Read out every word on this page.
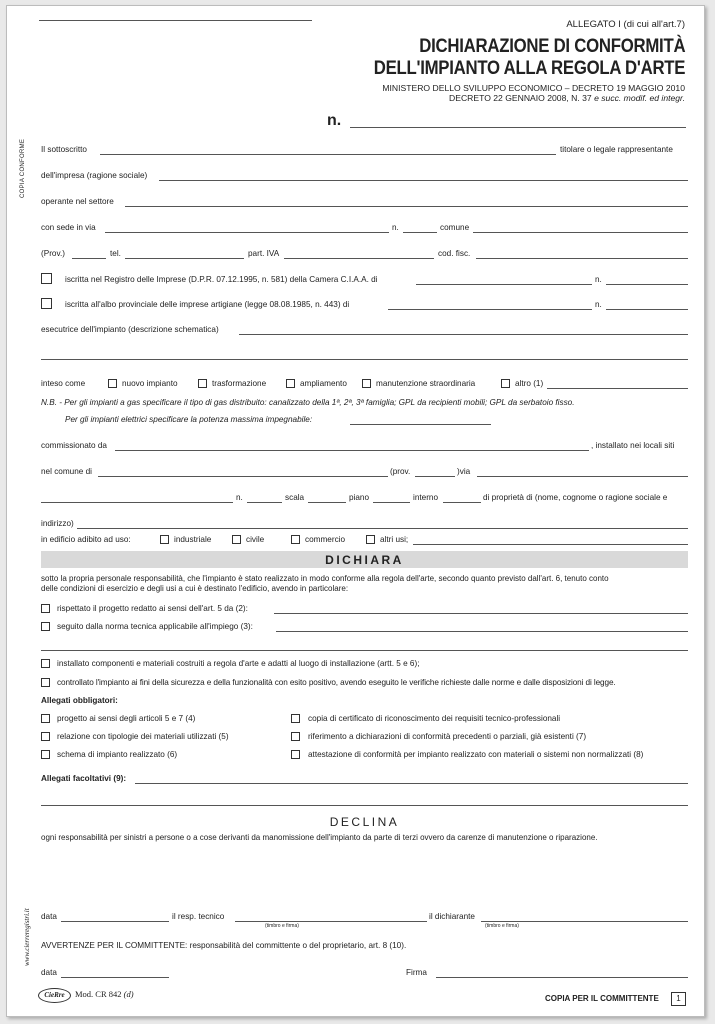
ALLEGATO I (di cui all'art.7)
DICHIARAZIONE DI CONFORMITÀ
DELL'IMPIANTO ALLA REGOLA D'ARTE
MINISTERO DELLO SVILUPPO ECONOMICO – DECRETO 19 MAGGIO 2010
DECRETO 22 GENNAIO 2008, N. 37 e succ. modif. ed integr.
n.
COPIA CONFORME Il sottoscritto	titolare o legale rappresentante
dell'impresa (ragione sociale)
operante nel settore
con sede in via	n.	comune
(Prov.)	tel.	part. IVA	cod. fisc.
iscritta nel Registro delle Imprese (D.P.R. 07.12.1995, n. 581) della Camera C.I.A.A. di	n.
iscritta all'albo provinciale delle imprese artigiane (legge 08.08.1985, n. 443) di	n.
esecutrice dell'impianto (descrizione schematica)
inteso come	nuovo impianto	trasformazione	ampliamento	manutenzione straordinaria	altro (1)
N.B. - Per gli impianti a gas specificare il tipo di gas distribuito: canalizzato della 1ª, 2ª, 3ª famiglia; GPL da recipienti mobili; GPL da serbatoio fisso.
Per gli impianti elettrici specificare la potenza massima impegnabile:
commissionato da	, installato nei locali siti
nel comune di	(prov.	)via
n.	scala	piano	interno	di proprietà di (nome, cognome o ragione sociale e
indirizzo)
in edificio adibito ad uso:	industriale	civile	commercio	altri usi;
DICHIARA
sotto la propria personale responsabilità, che l'impianto è stato realizzato in modo conforme alla regola dell'arte, secondo quanto previsto dall'art. 6, tenuto conto
delle condizioni di esercizio e degli usi a cui è destinato l'edificio, avendo in particolare:
rispettato il progetto redatto ai sensi dell'art. 5 da (2):
seguito dalla norma tecnica applicabile all'impiego (3):
installato componenti e materiali costruiti a regola d'arte e adatti al luogo di installazione (artt. 5 e 6);
controllato l'impianto ai fini della sicurezza e della funzionalità con esito positivo, avendo eseguito le verifiche richieste dalle norme e dalle disposizioni di legge.
Allegati obbligatori:
progetto ai sensi degli articoli 5 e 7 (4)	copia di certificato di riconoscimento dei requisiti tecnico-professionali
relazione con tipologie dei materiali utilizzati (5)	riferimento a dichiarazioni di conformità precedenti o parziali, già esistenti (7)
schema di impianto realizzato (6)	attestazione di conformità per impianto realizzato con materiali o sistemi non normalizzati (8)
Allegati facoltativi (9):
DECLINA
ogni responsabilità per sinistri a persone o a cose derivanti da manomissione dell'impianto da parte di terzi ovvero da carenze di manutenzione o riparazione.
www.cierreregistri.it data	il resp. tecnico
(timbro e firma)
il dichiarante
(timbro e firma)
AVVERTENZE PER IL COMMITTENTE: responsabilità del committente o del proprietario, art. 8 (10).
data	Firma
CieRre	Mod. CR 842 (d)	COPIA PER IL COMMITTENTE	1
